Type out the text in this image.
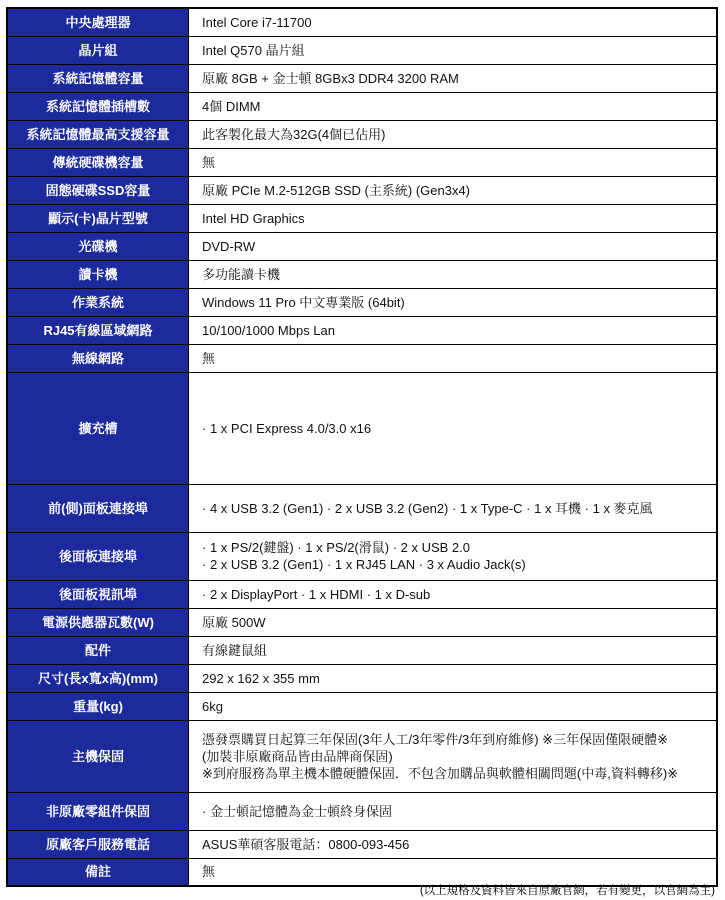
中央處理器	Intel Core i7-11700

晶片組	Intel Q570 晶片組

系統記憶體容量	原廠 8GB + 金士頓 8GBx3 DDR4 3200 RAM

系統記憶體插槽數	4個 DIMM

系統記憶體最高支援容量	此客製化最大為32G(4個已佔用)

傳統硬碟機容量	無

固態硬碟SSD容量	原廠 PCIe M.2-512GB SSD (主系統) (Gen3x4)

顯示(卡)晶片型號	Intel HD Graphics

光碟機	DVD-RW

讀卡機	多功能讀卡機

作業系統	Windows 11 Pro 中文專業版 (64bit)

RJ45有線區域網路	10/100/1000 Mbps Lan

無線網路	無

擴充槽	· 1 x PCI Express 4.0/3.0 x16

前(側)面板連接埠	· 4 x USB 3.2 (Gen1) · 2 x USB 3.2 (Gen2) · 1 x Type-C · 1 x 耳機 · 1 x 麥克風

後面板連接埠	· 1 x PS/2(鍵盤) · 1 x PS/2(滑鼠) · 2 x USB 2.0
· 2 x USB 3.2 (Gen1) · 1 x RJ45 LAN · 3 x Audio Jack(s)

後面板視訊埠	· 2 x DisplayPort · 1 x HDMI · 1 x D-sub

電源供應器瓦數(W)	原廠 500W

配件	有線鍵鼠組

尺寸(長x寬x高)(mm)	292 x 162 x 355 mm

重量(kg)	6kg

主機保固	憑發票購買日起算三年保固(3年人工/3年零件/3年到府維修) ※三年保固僅限硬體※
(加裝非原廠商品皆由品牌商保固)
※到府服務為單主機本體硬體保固．不包含加購品與軟體相關問題(中毒,資料轉移)※

非原廠零組件保固	· 金士頓記憶體為金士頓終身保固

原廠客戶服務電話	ASUS華碩客服電話：0800-093-456

備註	無
(以上規格及資料皆來自原廠官網，若有變更，以官網為主)
